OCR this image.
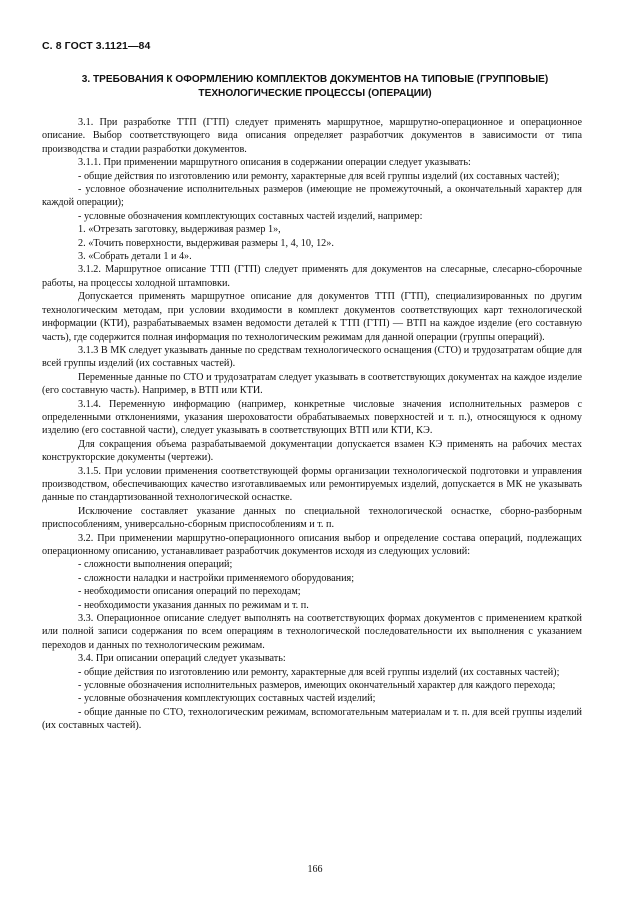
С. 8 ГОСТ 3.1121—84
3. ТРЕБОВАНИЯ К ОФОРМЛЕНИЮ КОМПЛЕКТОВ ДОКУМЕНТОВ НА ТИПОВЫЕ (ГРУППОВЫЕ) ТЕХНОЛОГИЧЕСКИЕ ПРОЦЕССЫ (ОПЕРАЦИИ)

3.1. При разработке ТТП (ГТП) следует применять маршрутное, маршрутно-операционное и операционное описание. Выбор соответствующего вида описания определяет разработчик документов в зависимости от типа производства и стадии разработки документов.

3.1.1. При применении маршрутного описания в содержании операции следует указывать:

- общие действия по изготовлению или ремонту, характерные для всей группы изделий (их составных частей);

- условное обозначение исполнительных размеров (имеющие не промежуточный, а окончательный характер для каждой операции);

- условные обозначения комплектующих составных частей изделий, например:

1. «Отрезать заготовку, выдерживая размер 1»,

2. «Точить поверхности, выдерживая размеры 1, 4, 10, 12».

3. «Собрать детали 1 и 4».

3.1.2. Маршрутное описание ТТП (ГТП) следует применять для документов на слесарные, слесарно-сборочные работы, на процессы холодной штамповки.

Допускается применять маршрутное описание для документов ТТП (ГТП), специализированных по другим технологическим методам, при условии входимости в комплект документов соответствующих карт технологической информации (КТИ), разрабатываемых взамен ведомости деталей к ТТП (ГТП) — ВТП на каждое изделие (его составную часть), где содержится полная информация по технологическим режимам для данной операции (группы операций).

3.1.3 В МК следует указывать данные по средствам технологического оснащения (СТО) и трудозатратам общие для всей группы изделий (их составных частей).

Переменные данные по СТО и трудозатратам следует указывать в соответствующих документах на каждое изделие (его составную часть). Например, в ВТП или КТИ.

3.1.4. Переменную информацию (например, конкретные числовые значения исполнительных размеров с определенными отклонениями, указания шероховатости обрабатываемых поверхностей и т. п.), относящуюся к одному изделию (его составной части), следует указывать в соответствующих ВТП или КТИ, КЭ.

Для сокращения объема разрабатываемой документации допускается взамен КЭ применять на рабочих местах конструкторские документы (чертежи).

3.1.5. При условии применения соответствующей формы организации технологической подготовки и управления производством, обеспечивающих качество изготавливаемых или ремонтируемых изделий, допускается в МК не указывать данные по стандартизованной технологической оснастке.

Исключение составляет указание данных по специальной технологической оснастке, сборно-разборным приспособлениям, универсально-сборным приспособлениям и т. п.

3.2. При применении маршрутно-операционного описания выбор и определение состава операций, подлежащих операционному описанию, устанавливает разработчик документов исходя из следующих условий:

- сложности выполнения операций;

- сложности наладки и настройки применяемого оборудования;

- необходимости описания операций по переходам;

- необходимости указания данных по режимам и т. п.

3.3. Операционное описание следует выполнять на соответствующих формах документов с применением краткой или полной записи содержания по всем операциям в технологической последовательности их выполнения с указанием переходов и данных по технологическим режимам.

3.4. При описании операций следует указывать:

- общие действия по изготовлению или ремонту, характерные для всей группы изделий (их составных частей);

- условные обозначения исполнительных размеров, имеющих окончательный характер для каждого перехода;

- условные обозначения комплектующих составных частей изделий;

- общие данные по СТО, технологическим режимам, вспомогательным материалам и т. п. для всей группы изделий (их составных частей).

166
